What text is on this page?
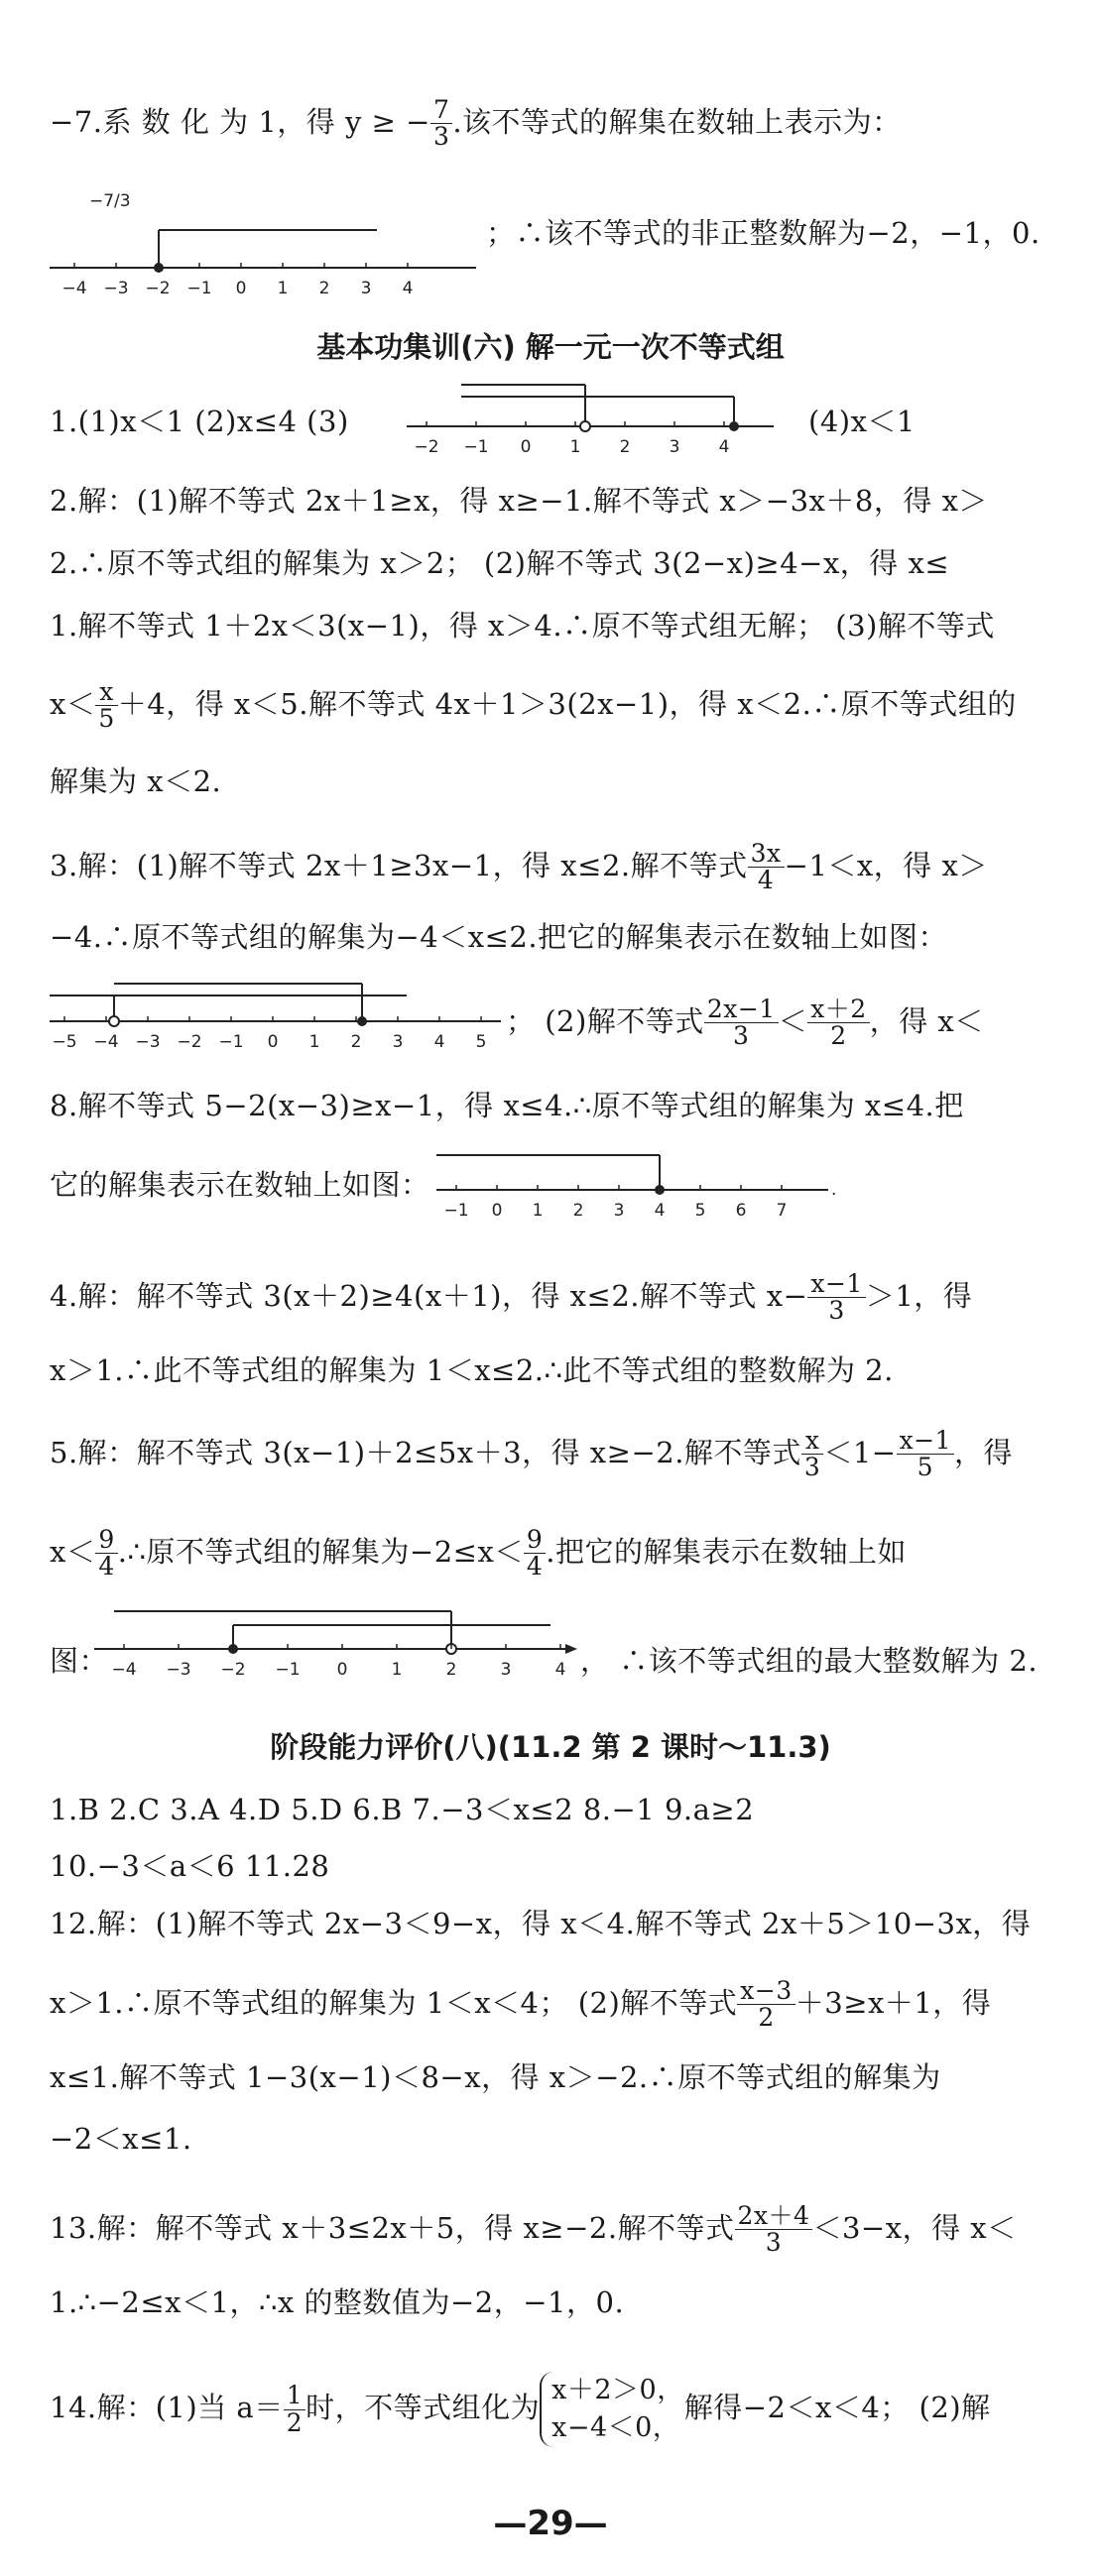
−7.系 数 化 为 1，得 y ≥ − $\frac{7}{3}$ .该不等式的解集在数轴上表示为：
−7/3
−4 −3 −2 −1 0 1 2 3 4
；∴该不等式的非正整数解为−2，−1，0.
基本功集训(六) 解一元一次不等式组
1.(1)x＜1 (2)x≤4 (3)
−2 −1 0 1 2 3 4
(4)x＜1
2.解：(1)解不等式 2x＋1≥x，得 x≥−1.解不等式 x＞−3x＋8，得 x＞
2.∴原不等式组的解集为 x＞2； (2)解不等式 3(2−x)≥4−x，得 x≤
1.解不等式 1＋2x＜3(x−1)，得 x＞4.∴原不等式组无解； (3)解不等式
$x< \frac{x}{5} +4$，得 x＜5.解不等式 4x＋1＞3(2x−1)，得 x＜2.∴原不等式组的
解集为 x＜2.
3.解：(1)解不等式 2x＋1≥3x−1，得 x≤2.解不等式 $\frac{3x}{4} -1<x$，得 x＞
−4.∴原不等式组的解集为−4＜x≤2.把它的解集表示在数轴上如图：
−5 −4 −3 −2 −1 0 1 2 3 4 5
； (2)解不等式 $\frac{2x-1}{3} < \frac{x+2}{2}$ ，得 x＜
8.解不等式 5−2(x−3)≥x−1，得 x≤4.∴原不等式组的解集为 x≤4.把
它的解集表示在数轴上如图：	.
−1 0 1 2 3 4 5 6 7
4.解：解不等式 3(x＋2)≥4(x＋1)，得 x≤2.解不等式 $x- \frac{x-1}{3} >1$，得
x＞1.∴此不等式组的解集为 1＜x≤2.∴此不等式组的整数解为 2.
5.解：解不等式 3(x−1)＋2≤5x＋3，得 x≥−2.解不等式 $\frac{x}{3} <1- \frac{x-1}{5}$ ，得
$x< \frac{9}{4}$ .∴原不等式组的解集为$-2\le x< \frac{9}{4}$ .把它的解集表示在数轴上如
图： −4 −3 −2 −1 0	1	2	3	4 ， ∴该不等式组的最大整数解为 2.
阶段能力评价(八)(11.2 第 2 课时～11.3)
1.B 2.C 3.A 4.D 5.D 6.B 7.−3＜x≤2 8.−1 9.a≥2
10.−3＜a＜6 11.28
12.解：(1)解不等式 2x−3＜9−x，得 x＜4.解不等式 2x＋5＞10−3x，得
x＞1.∴原不等式组的解集为 1＜x＜4； (2)解不等式 $\frac{x-3}{2} +3\ge x+1$，得
x≤1.解不等式 1−3(x−1)＜8−x，得 x＞−2.∴原不等式组的解集为
−2＜x≤1.
13.解：解不等式 x＋3≤2x＋5，得 x≥−2.解不等式 $\frac{2x+4}{3} <3-x$，得 x＜
1.∴−2≤x＜1，∴x 的整数值为−2，−1，0.
14.解：(1)当 $a= \frac{1}{2}$ 时，不等式组化为
x＋2＞0，
x−4＜0，
解得−2＜x＜4； (2)解
—29—
